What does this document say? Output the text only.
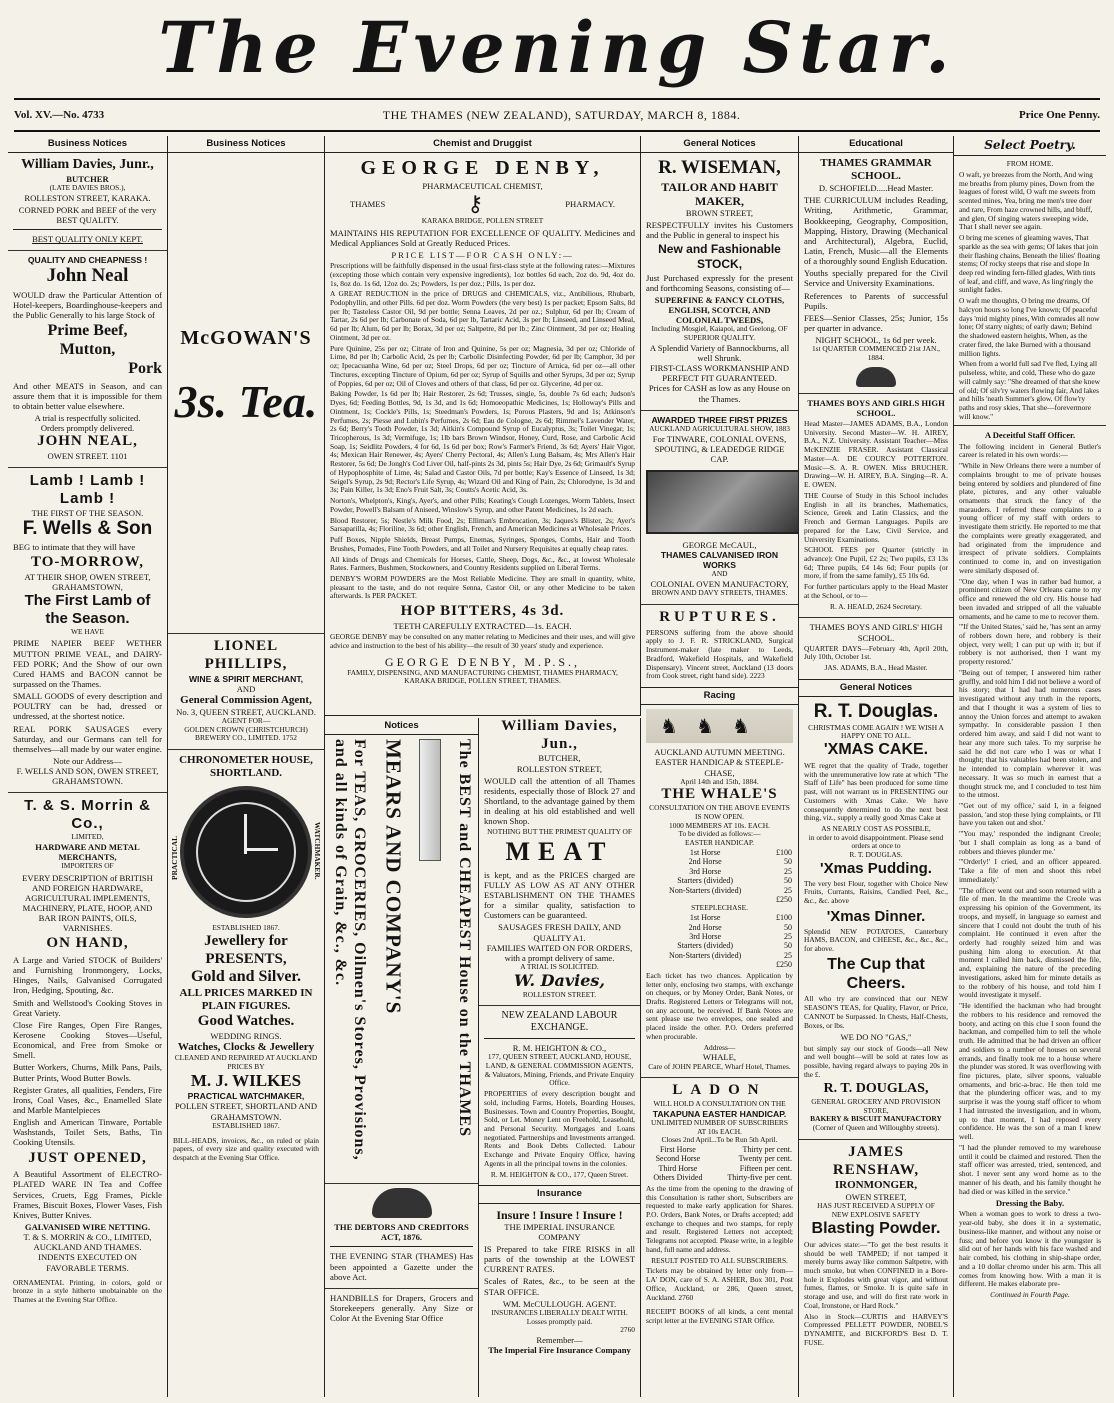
The Evening Star.
Vol. XV.—No. 4733	THE THAMES (NEW ZEALAND), SATURDAY, MARCH 8, 1884.	Price One Penny.
Business Notices
William Davies, Junr.,
BUTCHER
(LATE DAVIES BROS.),
ROLLESTON STREET, KARAKA.

CORNED PORK and BEEF of the very BEST QUALITY.

BEST QUALITY ONLY KEPT.
QUALITY AND CHEAPNESS !
John Neal

WOULD draw the Particular Attention of Hotel-keepers, Boardinghouse-keepers and the Public Generally to his large Stock of

Prime Beef,
Mutton,
Pork

And other MEATS in Season, and can assure them that it is impossible for them to obtain better value elsewhere.

A trial is respectfully solicited.
Orders promptly delivered.
JOHN NEAL,
OWEN STREET. 1101
Lamb ! Lamb ! Lamb !
THE FIRST OF THE SEASON.
F. Wells & Son

BEG to intimate that they will have

TO-MORROW,
AT THEIR SHOP, OWEN STREET, GRAHAMSTOWN,
The First Lamb of the Season.
WE HAVE

PRIME NAPIER BEEF WETHER MUTTON PRIME VEAL, and DAIRY-FED PORK; And the Show of our own Cured HAMS and BACON cannot be surpassed on the Thames.

SMALL GOODS of every description and POULTRY can be had, dressed or undressed, at the shortest notice.

REAL PORK SAUSAGES every Saturday, and our Germans can tell for themselves—all made by our water engine.

Note our Address—
F. WELLS AND SON, OWEN STREET, GRAHAMSTOWN.
T. & S. Morrin & Co.,
LIMITED,
HARDWARE AND METAL MERCHANTS,
IMPORTERS OF

EVERY DESCRIPTION of BRITISH AND FOREIGN HARDWARE, AGRICULTURAL IMPLEMENTS, MACHINERY, PLATE, HOOP, AND BAR IRON PAINTS, OILS, VARNISHES.

ON HAND,

A Large and Varied STOCK of Builders' and Furnishing Ironmongery, Locks, Hinges, Nails, Galvanised Corrugated Iron, Hedging, Spouting, &c.

Smith and Wellstood's Cooking Stoves in Great Variety.

Close Fire Ranges, Open Fire Ranges, Kerosene Cooking Stoves—Useful, Economical, and Free from Smoke or Smell.

Butter Workers, Churns, Milk Pans, Pails, Butter Prints, Wood Butter Bowls.

Register Grates, all qualities, Fenders, Fire Irons, Coal Vases, &c., Enamelled Slate and Marble Mantelpieces

English and American Tinware, Portable Washstands, Toilet Sets, Baths, Tin Cooking Utensils.

JUST OPENED,

A Beautiful Assortment of ELECTRO-PLATED WARE IN Tea and Coffee Services, Cruets, Egg Frames, Pickle Frames, Biscuit Boxes, Flower Vases, Fish Knives, Butter Knives.

GALVANISED WIRE NETTING.
T. & S. MORRIN & CO., LIMITED, AUCKLAND AND THAMES.
INDENTS EXECUTED ON FAVORABLE TERMS.

ORNAMENTAL Printing, in colors, gold or bronze in a style hitherto unobtainable on the Thames at the Evening Star Office.

Business Notices
McGOWAN'S
3s. Tea.
LIONEL PHILLIPS,
WINE & SPIRIT MERCHANT,
AND
General Commission Agent,
No. 3, QUEEN STREET, AUCKLAND.
AGENT FOR—
GOLDEN CROWN (CHRISTCHURCH) BREWERY CO., LIMITED. 1752
CHRONOMETER HOUSE, SHORTLAND.
PRACTICAL	WATCHMAKER.
ESTABLISHED 1867.
Jewellery for PRESENTS,
Gold and Silver.
ALL PRICES MARKED IN PLAIN FIGURES.
Good Watches.
WEDDING RINGS.
Watches, Clocks & Jewellery
CLEANED AND REPAIRED AT AUCKLAND PRICES BY
M. J. WILKES
PRACTICAL WATCHMAKER,
POLLEN STREET, SHORTLAND AND GRAHAMSTOWN.
ESTABLISHED 1867.

BILL-HEADS, invoices, &c., on ruled or plain papers, of every size and quality executed with despatch at the Evening Star Office.

Chemist and Druggist
GEORGE DENBY,
PHARMACEUTICAL CHEMIST,
THAMES	⚷	PHARMACY.
KARAKA BRIDGE, POLLEN STREET

MAINTAINS HIS REPUTATION FOR EXCELLENCE OF QUALITY. Medicines and Medical Appliances Sold at Greatly Reduced Prices.

PRICE LIST—FOR CASH ONLY:—

Prescriptions will be faithfully dispensed in the usual first-class style at the following rates:—Mixtures (excepting those which contain very expensive ingredients), 1oz bottles 6d each, 2oz do. 9d, 4oz do. 1s, 8oz do. 1s 6d, 12oz do. 2s; Powders, 1s per doz.; Pills, 1s per doz.

A GREAT REDUCTION in the price of DRUGS and CHEMICALS, viz., Antibilious, Rhubarb, Podophyllin, and other Pills. 6d per doz. Worm Powders (the very best) 1s per packet; Epsom Salts, 8d per lb; Tasteless Castor Oil, 9d per bottle; Senna Leaves, 2d per oz.; Sulphur, 6d per lb; Cream of Tartar, 2s 6d per lb; Carbonate of Soda, 6d per lb, Tartaric Acid, 3s per lb; Linseed, and Linseed Meal, 6d per lb; Alum, 6d per lb; Borax, 3d per oz; Saltpetre, 8d per lb.; Zinc Ointment, 3d per oz; Healing Ointment, 3d per oz.

Pure Quinine, 25s per oz; Citrate of Iron and Quinine, 5s per oz; Magnesia, 3d per oz; Chloride of Lime, 8d per lb; Carbolic Acid, 2s per lb; Carbolic Disinfecting Powder, 6d per lb; Camphor, 3d per oz; Ipecacuanha Wine, 6d per oz; Steel Drops, 6d per oz; Tincture of Arnica, 6d per oz—all other Tinctures, excepting Tincture of Opium, 6d per oz; Syrup of Squills and other Syrups, 3d per oz; Syrup of Poppies, 6d per oz; Oil of Cloves and others of that class, 6d per oz. Glycerine, 4d per oz.

Baking Powder, 1s 6d per lb; Hair Restorer, 2s 6d; Trusses, single, 5s, double 7s 6d each; Judson's Dyes, 6d; Feeding Bottles, 9d, 1s 3d, and 1s 6d; Homoeopathic Medicines, 1s; Holloway's Pills and Ointment, 1s; Cockle's Pills, 1s; Steedman's Powders, 1s; Porous Plasters, 9d and 1s; Atkinson's Perfumes, 2s; Piesse and Lubin's Perfumes, 2s 6d; Eau de Cologne, 2s 6d; Rimmel's Lavender Water, 2s 6d; Berry's Tooth Powder, 1s 3d; Aitkin's Compound Syrup of Eucalyptus, 3s; Toilet Vinegar, 1s; Tricopherous, 1s 3d; Vermifuge, 1s; 1lb bars Brown Windsor, Honey, Curd, Rose, and Carbolic Acid Soap, 1s; Seidlitz Powders, 4 for 6d, 1s 6d per box; Row's Farmer's Friend, 3s 6d; Ayers' Hair Vigor, 4s; Mexican Hair Renewer, 4s; Ayers' Cherry Pectoral, 4s; Allen's Lung Balsam, 4s; Mrs Allen's Hair Restorer, 5s 6d; De Jongh's Cod Liver Oil, half-pints 2s 3d, pints 5s; Hair Dye, 2s 6d; Grimault's Syrup of Hypophosphite of Lime, 4s; Salad and Castor Oils, 7d per bottle; Kay's Essence of Linseed, 1s 3d; Seigel's Syrup, 2s 9d; Rector's Life Syrup, 4s; Wizard Oil and King of Pain, 2s; Chlorodyne, 1s 3d and 3s; Pain Killer, 1s 3d; Eno's Fruit Salt, 3s; Coutts's Acetic Acid, 3s.

Norton's, Whelpton's, King's, Ayer's, and other Pills; Keating's Cough Lozenges, Worm Tablets, Insect Powder, Powell's Balsam of Aniseed, Winslow's Syrup, and other Patent Medicines, 1s 2d each.

Blood Restorer, 5s; Nestle's Milk Food, 2s; Elliman's Embrocation, 3s; Jaques's Blister, 2s; Ayer's Sarsaparilla, 4s; Floriline, 3s 6d; other English, French, and American Medicines at Wholesale Prices.

Puff Boxes, Nipple Shields, Breast Pumps, Enemas, Syringes, Sponges, Combs, Hair and Tooth Brushes, Pomades, Fine Tooth Powders, and all Toilet and Nursery Requisites at equally cheap rates.

All kinds of Drugs and Chemicals for Horses, Cattle, Sheep, Dogs, &c., &c., at lowest Wholesale Rates. Farmers, Bushmen, Stockowners, and Country Residents supplied on Liberal Terms.

DENBY'S WORM POWDERS are the Most Reliable Medicine. They are small in quantity, white, pleasant to the taste, and do not require Senna, Castor Oil, or any other Medicine to be taken afterwards. Is PER PACKET.

HOP BITTERS, 4s 3d.
TEETH CAREFULLY EXTRACTED—1s. EACH.

GEORGE DENBY may be consulted on any matter relating to Medicines and their uses, and will give advice and instruction to the best of his ability—the result of 30 years' study and experience.

GEORGE DENBY, M.P.S.,
FAMILY, DISPENSING, AND MANUFACTURING CHEMIST, THAMES PHARMACY,
KARAKA BRIDGE, POLLEN STREET, THAMES.
Notices
For TEAS, GROCERIES, Oilmen's Stores, Provisions, and all kinds of Grain, &c., &c.	MEARS AND COMPANY'S	The BEST and CHEAPEST House on the THAMES
THE DEBTORS AND CREDITORS ACT, 1876.

THE EVENING STAR (THAMES) Has been appointed a Gazette under the above Act.

HANDBILLS for Drapers, Grocers and Storekeepers generally. Any Size or Color At the Evening Star Office

William Davies, Jun.,
BUTCHER,
ROLLESTON STREET,

WOULD call the attention of all Thames residents, especially those of Block 27 and Shortland, to the advantage gained by them in dealing at his old established and well known Shop.

NOTHING BUT THE PRIMEST QUALITY OF
MEAT

is kept, and as the PRICES charged are FULLY AS LOW AS AT ANY OTHER ESTABLISHMENT ON THE THAMES for a similar quality, satisfaction to Customers can be guaranteed.

SAUSAGES FRESH DAILY, AND QUALITY A1.
FAMILIES WAITED ON FOR ORDERS, with a prompt delivery of same.
A TRIAL IS SOLICITED.
W. Davies,
ROLLESTON STREET.
NEW ZEALAND LABOUR EXCHANGE.
R. M. HEIGHTON & CO.,
177, QUEEN STREET, AUCKLAND, HOUSE, LAND, & GENERAL COMMISSION AGENTS, & Valuators, Mining, Friends, and Private Enquiry Office.

PROPERTIES of every description bought and sold, including Farms, Hotels, Boarding Houses, Businesses. Town and Country Properties, Bought, Sold, or Let. Money Lent on Freehold, Leasehold, and Personal Security. Mortgages and Loans negotiated. Partnerships and Investments arranged. Rents and Book Debts Collected. Labour Exchange and Private Enquiry Office, having Agents in all the principal towns in the colonies.

R. M. HEIGHTON & CO., 177, Queen Street.
Insurance
Insure ! Insure ! Insure !
THE IMPERIAL INSURANCE COMPANY

IS Prepared to take FIRE RISKS in all parts of the township at the LOWEST CURRENT RATES.

Scales of Rates, &c., to be seen at the STAR OFFICE.

WM. McCULLOUGH. AGENT.
INSURANCES LIBERALLY DEALT WITH. Losses promptly paid.
2760
Remember—
The Imperial Fire Insurance Company
General Notices
R. WISEMAN,
TAILOR AND HABIT MAKER,
BROWN STREET,

RESPECTFULLY invites his Customers and the Public in general to inspect his

New and Fashionable STOCK,

Just Purchased expressly for the present and forthcoming Seasons, consisting of—

SUPERFINE & FANCY CLOTHS, ENGLISH, SCOTCH, AND COLONIAL TWEEDS,
Including Mosgiel, Kaiapoi, and Geelong, OF SUPERIOR QUALITY.
A Splendid Variety of Bannockburns, all well Shrunk.
FIRST-CLASS WORKMANSHIP AND PERFECT FIT GUARANTEED.
Prices for CASH as low as any House on the Thames.
AWARDED THREE FIRST PRIZES
AUCKLAND AGRICULTURAL SHOW, 1883
For TINWARE, COLONIAL OVENS, SPOUTING, & LEADEDGE RIDGE CAP.
GEORGE McCAUL,
THAMES CALVANISED IRON WORKS
AND
COLONIAL OVEN MANUFACTORY,
BROWN AND DAVY STREETS, THAMES.
RUPTURES.

PERSONS suffering from the above should apply to J. F. R. STRICKLAND, Surgical Instrument-maker (late maker to Leeds, Bradford, Wakefield Hospitals, and Wakefield Dispensary). Vincent street, Auckland (13 doors from Cook street, right hand side). 2223

Racing
♞ ♞ ♞
AUCKLAND AUTUMN MEETING.
EASTER HANDICAP & STEEPLE-CHASE,
April 14th and 15th, 1884.
THE WHALE'S
CONSULTATION ON THE ABOVE EVENTS IS NOW OPEN.
1000 MEMBERS AT 10s. EACH.
To be divided as follows:—
EASTER HANDICAP.
1st Horse	£100
2nd Horse	50
3rd Horse	25
Starters (divided)	50
Non-Starters (divided)	25
	£250
STEEPLECHASE.
1st Horse	£100
2nd Horse	50
3rd Horse	25
Starters (divided)	50
Non-Starters (divided)	25
	£250

Each ticket has two chances. Application by letter only, enclosing two stamps, with exchange on cheques, or by Money Order, Bank Notes, or Drafts. Registered Letters or Telegrams will not, on any account, be received. If Bank Notes are sent please use two envelopes, one sealed and placed inside the other. P.O. Orders preferred when procurable.

Address—
WHALE,
Care of JOHN PEARCE, Wharf Hotel, Thames.
LADON
WILL HOLD A CONSULTATION ON THE
TAKAPUNA EASTER HANDICAP.
UNLIMITED NUMBER OF SUBSCRIBERS AT 10s EACH.
Closes 2nd April...To be Run 5th April.
First Horse	Thirty per cent.
Second Horse	Twenty per cent.
Third Horse	Fifteen per cent.
Others Divided	Thirty-five per cent.

As the time from the opening to the drawing of this Consultation is rather short, Subscribers are requested to make early application for Shares. P.O. Orders, Bank Notes, or Drafts accepted; add exchange to cheques and two stamps, for reply and result. Registered Letters not accepted; Telegrams not accepted. Please write, in a legible hand, full name and address.

RESULT POSTED TO ALL SUBSCRIBERS.

Tickets may be obtained by letter only from—LA' DON, care of S. A. ASHER, Box 301, Post Office, Auckland, or 286, Queen street, Auckland. 2760

RECEIPT BOOKS of all kinds, a cent mental script letter at the EVENING STAR Office.

Educational
THAMES GRAMMAR SCHOOL.
D. SCHOFIELD.....Head Master.

THE CURRICULUM includes Reading, Writing, Arithmetic, Grammar, Bookkeeping, Geography, Composition, Mapping, History, Drawing (Mechanical and Architectural), Algebra, Euclid, Latin, French, Music—all the Elements of a thoroughly sound English Education.

Youths specially prepared for the Civil Service and University Examinations.

References to Parents of successful Pupils.

FEES—Senior Classes, 25s; Junior, 15s per quarter in advance.

NIGHT SCHOOL, 1s 6d per week.
1st QUARTER COMMENCED 21st JAN., 1884.
THAMES BOYS AND GIRLS HIGH SCHOOL.

Head Master—JAMES ADAMS, B.A., London University. Second Master—W. H. AIREY, B.A., N.Z. University. Assistant Teacher—Miss McKENZIE FRASER. Assistant Classical Master—A. DE COURCY POTTERTON. Music—S. A. R. OWEN. Miss BRUCHER. Drawing—W. H. AIREY, B.A. Singing—R. A. E. OWEN.

THE Course of Study in this School includes English in all its branches, Mathematics, Science, Greek and Latin Classics, and the French and German Languages. Pupils are prepared for the Law, Civil Service, and University Examinations.

SCHOOL FEES per Quarter (strictly in advance): One Pupil, £2 2s; Two pupils, £3 13s 6d; Three pupils, £4 14s 6d; Four pupils (or more, if from the same family), £5 10s 6d.

For further particulars apply to the Head Master at the School, or to—

R. A. HEALD, 2624 Secretary.
THAMES BOYS AND GIRLS' HIGH SCHOOL.

QUARTER DAYS—February 4th, April 20th, July 10th, October 1st.

JAS. ADAMS, B.A., Head Master.
General Notices
R. T. Douglas.
CHRISTMAS COME AGAIN ! WE WISH A HAPPY ONE TO ALL.
'XMAS CAKE.

WE regret that the quality of Trade, together with the unremunerative low rate at which "The Staff of Life" has been produced for some time past, will not warrant us in PRESENTING our Customers with Xmas Cake. We have consequently determined to do the next best thing, viz., supply a really good Xmas Cake at

AS NEARLY COST AS POSSIBLE,
in order to avoid disappointment. Please send orders at once to
R. T. DOUGLAS.
'Xmas Pudding.

The very best Flour, together with Choice New Fruits, Currants, Raisins, Candied Peel, &c., &c., &c. above

'Xmas Dinner.

Splendid NEW POTATOES, Canterbury HAMS, BACON, and CHEESE, &c., &c., &c., for above.

The Cup that Cheers.

All who try are convinced that our NEW SEASON'S TEAS, for Quality, Flavor, or Price, CANNOT be Surpassed. In Chests, Half-Chests, Boxes, or lbs.

WE DO NO "GAS,"

but simply say our stock of Goods—all New and well bought—will be sold at rates low as possible, having regard always to paying 20s in the £.

R. T. DOUGLAS,
GENERAL GROCERY AND PROVISION STORE,
BAKERY & BISCUIT MANUFACTORY
(Corner of Queen and Willoughby streets).
JAMES RENSHAW,
IRONMONGER,
OWEN STREET,
HAS JUST RECEIVED A SUPPLY OF
NEW EXPLOSIVE SAFETY
Blasting Powder.

Our advices state:—"To get the best results it should be well TAMPED; if not tamped it merely burns away like common Saltpetre, with much smoke, but when CONFINED in a Bore-hole it Explodes with great vigor, and without fumes, flames, or Smoke. It is quite safe in storage and use, and will do first rate work in Coal, Ironstone, or Hard Rock."

Also in Stock—CURTIS and HARVEY'S Compressed PELLETT POWDER, NOBEL'S DYNAMITE, and BICKFORD'S Best D. T. FUSE.

Select Poetry.
FROM HOME.

O waft, ye breezes from the North, And wing me breaths from plumy pines, Down from the leagues of forest wild, O waft me sweets from scented mines, Yea, bring me men's tree doer and rare, From haze crowned hills, and bluff, and glen, Of singing waters sweeping wide, That I shall never see again.

O bring me scenes of gleaming waves, That sparkle as the sea with gems; Of lakes that join their flashing chains, Beneath the lilies' floating stems; Of rocky steeps that rise and slope In deep red winding fern-filled glades, With tints of leaf, and cliff, and wave, As ling'ringly the sunlight fades.

O waft me thoughts, O bring me dreams, Of halcyon hours so long I've known; Of peaceful days 'mid mighty pines, With comrades all now lone; Of starry nights; of early dawn; Behind the shadowed eastern heights, When, as the crater fired, the lake Burned with a thousand million lights.

When from a world full sad I've fled, Lying all pulseless, white, and cold, These who do gaze will calmly say: "She dreamed of that she knew of old; Of silv'ry waters flowing fair, And lakes and hills 'neath Summer's glow, Of flow'ry paths and rosy skies, That she—forevermore will know."

A Deceitful Staff Officer.

The following incident in General Butler's career is related in his own words:—

"While in New Orleans there were a number of complaints brought to me of private houses being entered by soldiers and plundered of fine plate, pictures, and any other valuable ornaments that struck the fancy of the marauders. I referred these complaints to a young officer of my staff with orders to investigate them strictly. He reported to me that the complaints were greatly exaggerated, and had originated from the imprudence and irrespect of private soldiers. Complaints continued to come in, and on investigation were similarly disposed of.

"One day, when I was in rather bad humor, a prominent citizen of New Orleans came to my office and renewed the old cry. His house had been invaded and stripped of all the valuable ornaments, and he came to me to recover them.

"'If the United States,' said he, 'has sent an army of robbers down here, and robbery is their object, very well; I can put up with it; but if robbery is not authorised, then I want my property restored.'

"Being out of temper, I answered him rather gruffly, and told him I did not believe a word of his story; that I had had numerous cases investigated without any truth in the reports, and that I thought it was a system of lies to annoy the Union forces and attempt to awaken sympathy. In considerable passion I then ordered him away, and said I did not want to hear any more such tales. To my surprise he said he did not care who I was or what I thought; that his valuables had been stolen, and he intended to complain wherever it was necessary. It was so much in earnest that a thought struck me, and I concluded to test him to the utmost.

"'Get out of my office,' said I, in a feigned passion, 'and stop these lying complaints, or I'll have you taken out and shot.'

"'You may,' responded the indignant Creole; 'but I shall complain as long as a band of robbers and thieves plunder me.'

"'Orderly!' I cried, and an officer appeared. 'Take a file of men and shoot this rebel immediately.'

"The officer went out and soon returned with a file of men. In the meantime the Creole was expressing his opinion of the Government, its troops, and myself, in language so earnest and sincere that I could not doubt the truth of his complaint. He continued it even after the orderly had roughly seized him and was pushing him along to execution. At that moment I called him back, dismissed the file, and, explaining the nature of the preceding investigations, asked him for minute details as to the robbery of his house, and told him I would investigate it myself.

"He identified the hackman who had brought the robbers to his residence and removed the booty, and acting on this clue I soon found the hackman, and compelled him to tell the whole truth. He admitted that he had driven an officer and soldiers to a number of houses on several errands, and finally took me to a house where the plunder was stored. It was overflowing with fine pictures, plate, silver spoons, valuable ornaments, and bric-a-brac. He then told me that the plundering officer was, and to my surprise it was the young staff officer to whom I had intrusted the investigation, and in whom, up to that moment, I had reposed every confidence. He was the son of a man I knew well.

"I had the plunder removed to my warehouse until it could be claimed and restored. Then the staff officer was arrested, tried, sentenced, and shot. I never sent any word home as to the manner of his death, and his family thought he had died or was killed in the service."

Dressing the Baby.

When a woman goes to work to dress a two-year-old baby, she does it in a systematic, business-like manner, and without any noise or fuss; and before you know it the youngster is slid out of her hands with his face washed and hair combed, his clothing in ship-shape order, and a 10 dollar chromo under his arm. This all comes from knowing how. With a man it is different. He makes elaborate pre-

Continued in Fourth Page.
